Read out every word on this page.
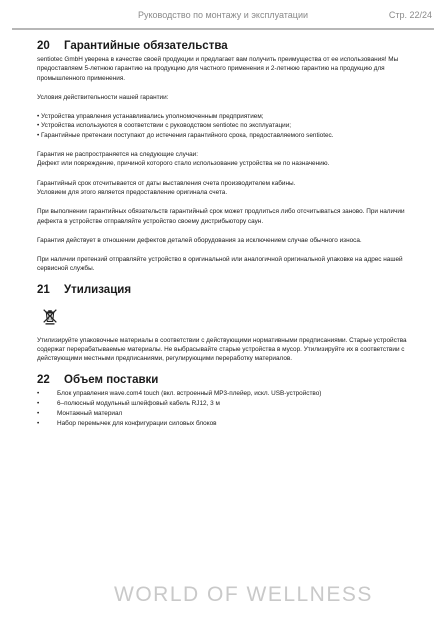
Руководство по монтажу и эксплуатации	Стр. 22/24
20	Гарантийные обязательства

sentiotec GmbH уверена в качестве своей продукции и предлагает вам получить преимущества от ее использования! Мы предоставляем 5-летнюю гарантию на продукцию для частного применения и 2-летнюю гарантию на продукцию для промышленного применения.

Условия действительности нашей гарантии:

• Устройства управления устанавливались уполномоченным предприятием;

• Устройства используются в соответствии с руководством sentiotec по эксплуатации;

• Гарантийные претензии поступают до истечения гарантийного срока, предоставляемого sentiotec.

Гарантия не распространяется на следующие случаи:

Дефект или повреждение, причиной которого стало использование устройства не по назначению.

Гарантийный срок отсчитывается от даты выставления счета производителем кабины.

Условием для этого является предоставление оригинала счета.

При выполнении гарантийных обязательств гарантийный срок может продлиться либо отсчитываться заново. При наличии дефекта в устройстве отправляйте устройство своему дистрибьютору саун.

Гарантия действует в отношении дефектов деталей оборудования за исключением случае обычного износа.

При наличии претензий отправляйте устройство в оригинальной или аналогичной оригинальной упаковке на адрес нашей сервисной службы.

21	Утилизация

Утилизируйте упаковочные материалы в соответствии с действующими нормативными предписаниями. Старые устройства содержат перерабатываемые материалы. Не выбрасывайте старые устройства в мусор. Утилизируйте их в соответствии с действующими местными предписаниями, регулирующими переработку материалов.

22	Объем поставки
•	Блок управления wave.com4 touch (вкл. встроенный MP3-плейер, искл. USB-устройство)
•	6–полюсный модульный шлейфовый кабель RJ12, 3 м
•	Монтажный материал
•	Набор перемычек для конфигурации силовых блоков
WORLD OF WELLNESS
